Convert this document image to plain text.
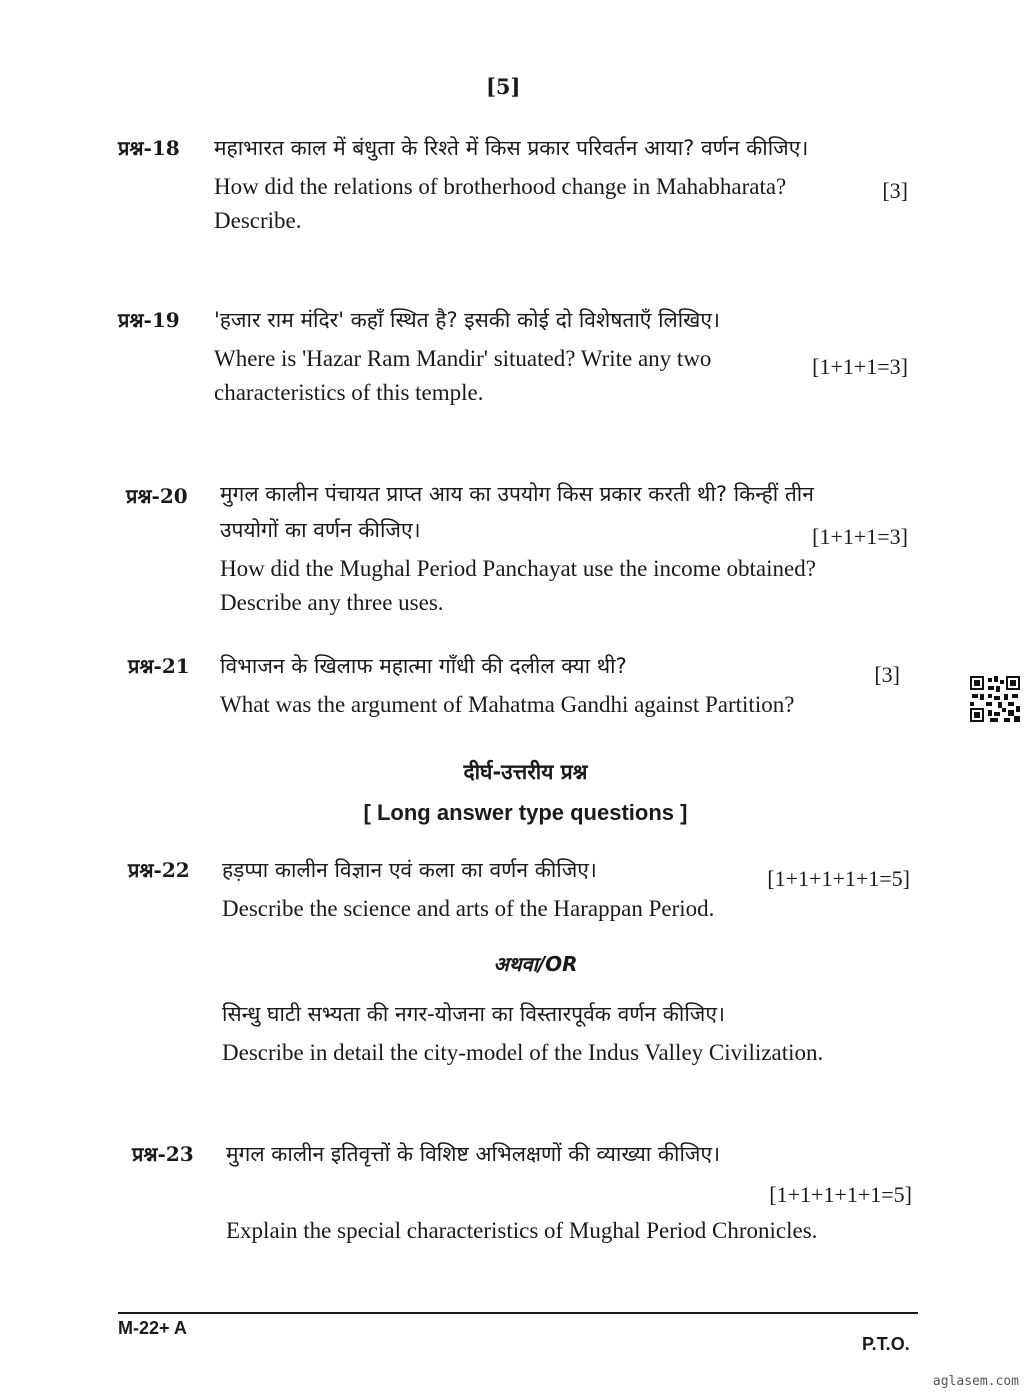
[5]
प्रश्न-18 महाभारत काल में बंधुता के रिश्ते में किस प्रकार परिवर्तन आया? वर्णन कीजिए।
How did the relations of brotherhood change in Mahabharata? Describe.
[3]
प्रश्न-19 'हजार राम मंदिर' कहाँ स्थित है? इसकी कोई दो विशेषताएँ लिखिए।
Where is 'Hazar Ram Mandir' situated? Write any two characteristics of this temple.
[1+1+1=3]
प्रश्न-20 मुगल कालीन पंचायत प्राप्त आय का उपयोग किस प्रकार करती थी? किन्हीं तीन उपयोगों का वर्णन कीजिए।
How did the Mughal Period Panchayat use the income obtained? Describe any three uses.
[1+1+1=3]
प्रश्न-21 विभाजन के खिलाफ महात्मा गाँधी की दलील क्या थी?
What was the argument of Mahatma Gandhi against Partition?
[3]
दीर्घ-उत्तरीय प्रश्न
[ Long answer type questions ]
प्रश्न-22 हड़प्पा कालीन विज्ञान एवं कला का वर्णन कीजिए।
Describe the science and arts of the Harappan Period.
[1+1+1+1+1=5]
अथवा/OR
सिन्धु घाटी सभ्यता की नगर-योजना का विस्तारपूर्वक वर्णन कीजिए।
Describe in detail the city-model of the Indus Valley Civilization.
प्रश्न-23 मुगल कालीन इतिवृत्तों के विशिष्ट अभिलक्षणों की व्याख्या कीजिए।
Explain the special characteristics of Mughal Period Chronicles.
[1+1+1+1+1=5]
M-22+ A
P.T.O.
aglasem.com
